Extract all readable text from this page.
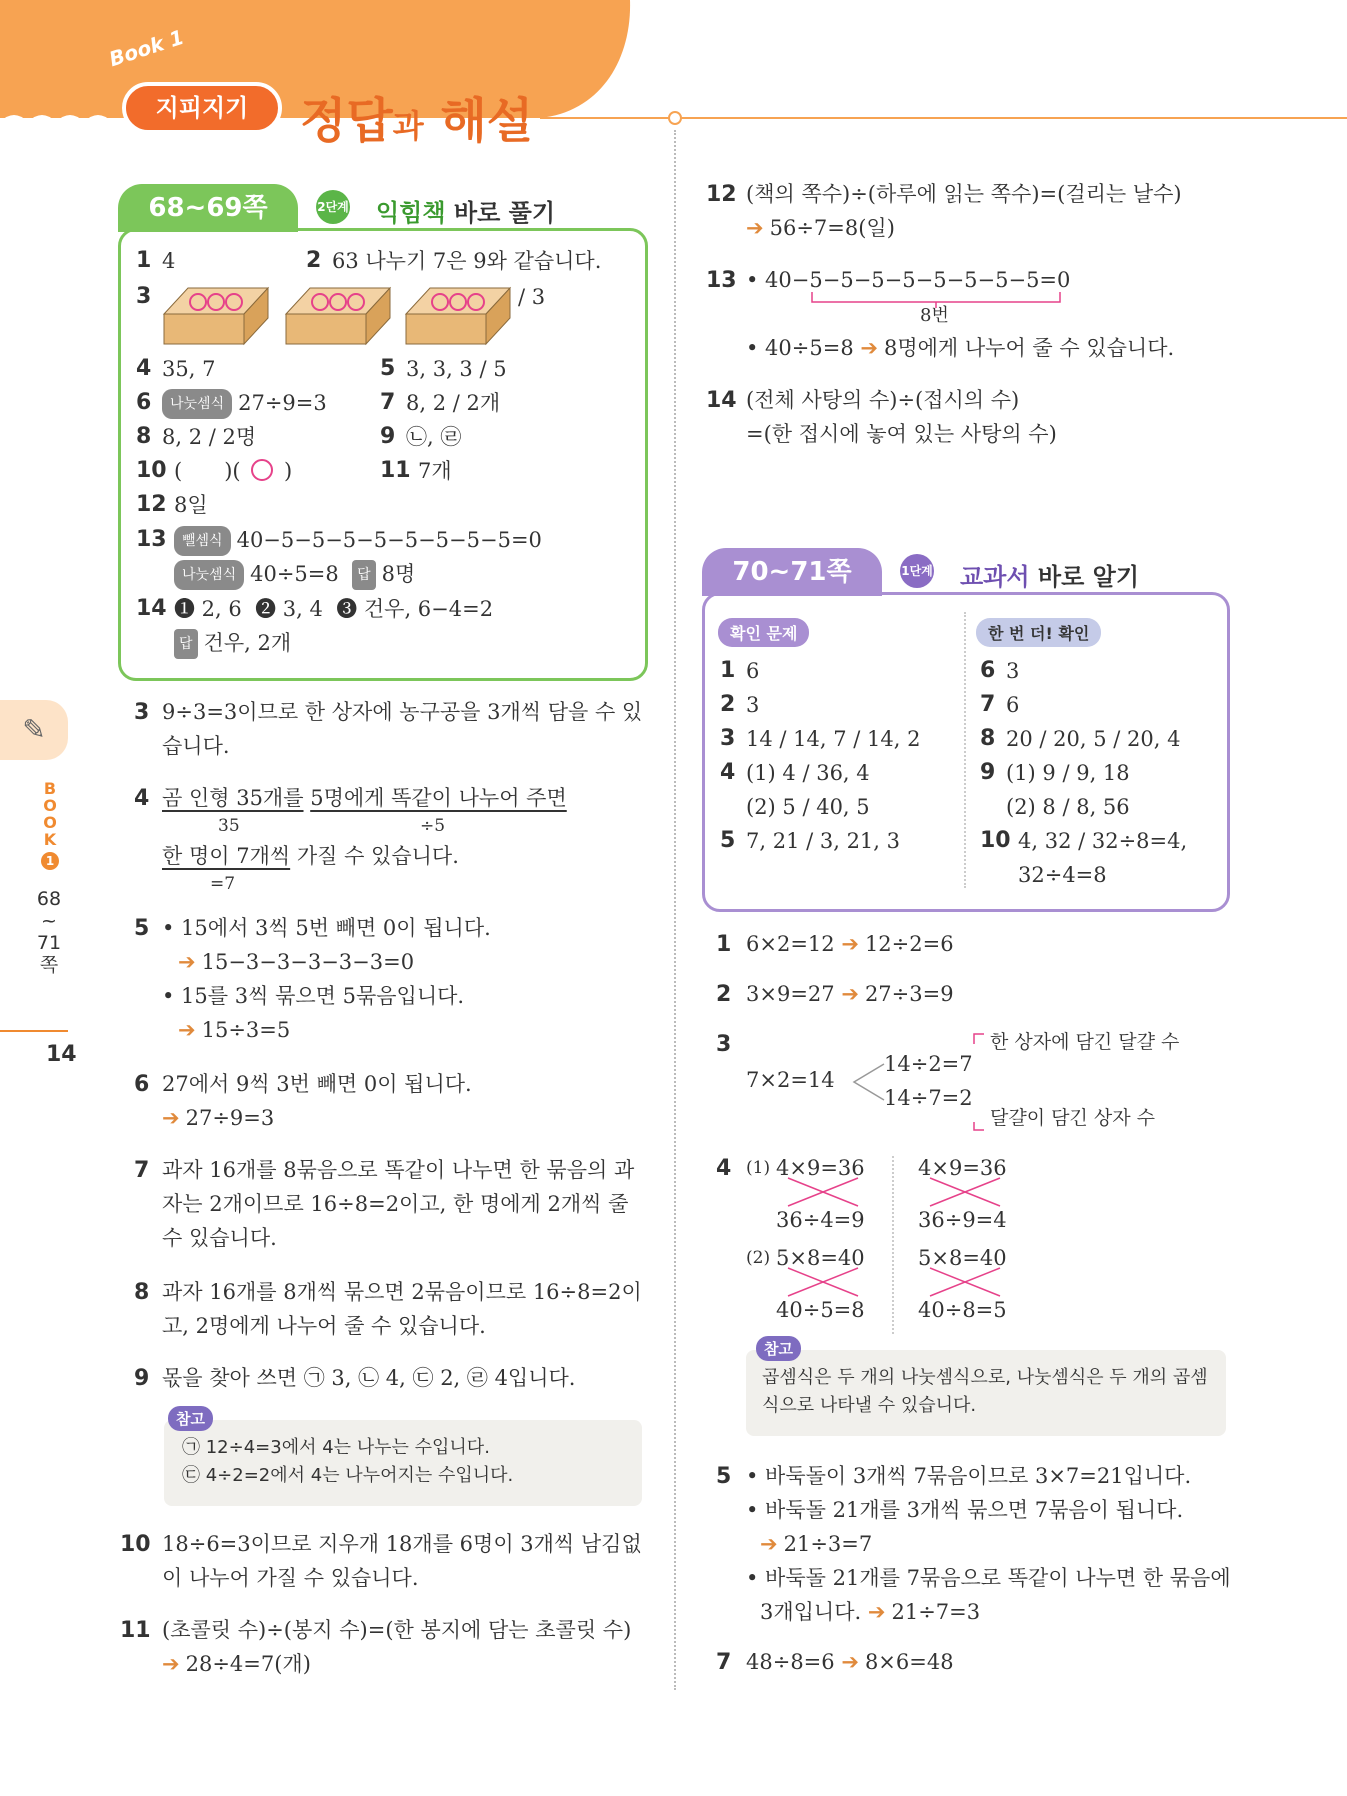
Book 1
지피지기	정답과 해설
✎
BOOK 1
68
~
71
쪽
14
68~69쪽	2단계 익힘책 바로 풀기
1 4	2 63 나누기 7은 9와 같습니다.
3	/ 3
4 35, 7	5 3, 3, 3 / 5
6	나눗셈식 27÷9=3 7 8, 2 / 2개
8 8, 2 / 2명	9 ㉡, ㉣
10 ( )( ○ )	11 7개
12 8일
13	뺄셈식 40−5−5−5−5−5−5−5−5=0
나눗셈식 40÷5=8 답 8명
14 ❶ 2, 6  ❷ 3, 4  ❸ 건우, 6−4=2
답 건우, 2개
3 9÷3=3이므로 한 상자에 농구공을 3개씩 담을 수 있
습니다.
4 곰 인형 35개를 5명에게 똑같이 나누어 주면
35	÷5
한 명이 7개씩 가질 수 있습니다.
=7
5 • 15에서 3씩 5번 빼면 0이 됩니다.
➔ 15−3−3−3−3−3=0
• 15를 3씩 묶으면 5묶음입니다.
➔ 15÷3=5
6 27에서 9씩 3번 빼면 0이 됩니다.
➔ 27÷9=3
7 과자 16개를 8묶음으로 똑같이 나누면 한 묶음의 과
자는 2개이므로 16÷8=2이고, 한 명에게 2개씩 줄
수 있습니다.
8 과자 16개를 8개씩 묶으면 2묶음이므로 16÷8=2이
고, 2명에게 나누어 줄 수 있습니다.
9 몫을 찾아 쓰면 ㉠ 3, ㉡ 4, ㉢ 2, ㉣ 4입니다.
참고
㉠ 12÷4=3에서 4는 나누는 수입니다.
㉢ 4÷2=2에서 4는 나누어지는 수입니다.
10 18÷6=3이므로 지우개 18개를 6명이 3개씩 남김없
이 나누어 가질 수 있습니다.
11 (초콜릿 수)÷(봉지 수)=(한 봉지에 담는 초콜릿 수)
➔ 28÷4=7(개)
12 (책의 쪽수)÷(하루에 읽는 쪽수)=(걸리는 날수)
➔ 56÷7=8(일)
13 • 40−5−5−5−5−5−5−5−5=0
8번
• 40÷5=8 ➔ 8명에게 나누어 줄 수 있습니다.
14 (전체 사탕의 수)÷(접시의 수)
=(한 접시에 놓여 있는 사탕의 수)
70~71쪽	1단계 교과서 바로 알기
확인 문제	한 번 더! 확인
1 6
2 3
3 14 / 14, 7 / 14, 2
4 (1) 4 / 36, 4
(2) 5 / 40, 5
5 7, 21 / 3, 21, 3
6 3
7 6
8 20 / 20, 5 / 20, 4
9 (1) 9 / 9, 18
(2) 8 / 8, 56
10 4, 32 / 32÷8=4,
32÷4=8
1 6×2=12 ➔ 12÷2=6
2 3×9=27 ➔ 27÷3=9
3
7×2=14
14÷2=7
14÷7=2
한 상자에 담긴 달걀 수
달걀이 담긴 상자 수
4 (1) 4×9=36
36÷4=9
4×9=36
36÷9=4
(2) 5×8=40
40÷5=8
5×8=40
40÷8=5
참고
곱셈식은 두 개의 나눗셈식으로, 나눗셈식은 두 개의 곱셈
식으로 나타낼 수 있습니다.
5 • 바둑돌이 3개씩 7묶음이므로 3×7=21입니다.
• 바둑돌 21개를 3개씩 묶으면 7묶음이 됩니다.
➔ 21÷3=7
• 바둑돌 21개를 7묶음으로 똑같이 나누면 한 묶음에
3개입니다. ➔ 21÷7=3
7 48÷8=6 ➔ 8×6=48
